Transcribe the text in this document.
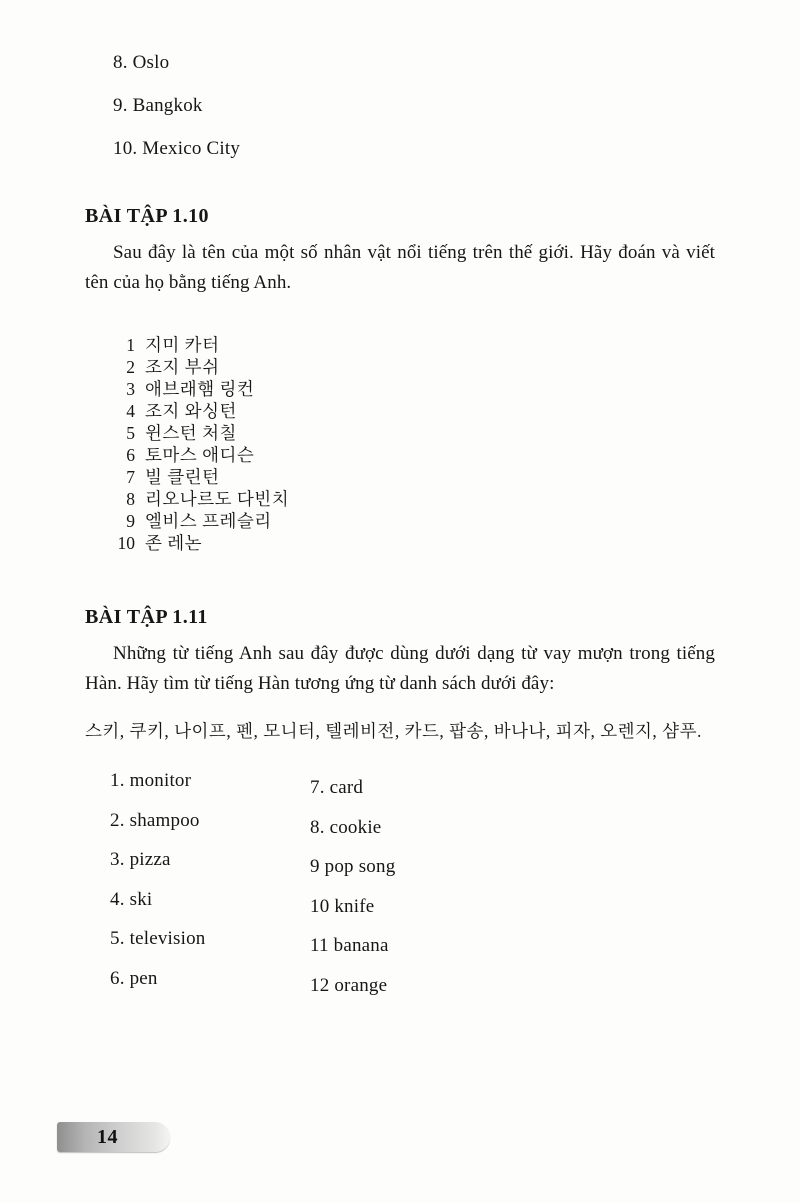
8. Oslo
9. Bangkok
10. Mexico City
BÀI TẬP 1.10

Sau đây là tên của một số nhân vật nổi tiếng trên thế giới. Hãy đoán và viết tên của họ bằng tiếng Anh.

1 지미 카터
2 조지 부쉬
3 애브래햄 링컨
4 조지 와싱턴
5 윈스턴 처칠
6 토마스 애디슨
7 빌 클린턴
8 리오나르도 다빈치
9 엘비스 프레슬리
10 존 레논
BÀI TẬP 1.11

Những từ tiếng Anh sau đây được dùng dưới dạng từ vay mượn trong tiếng Hàn. Hãy tìm từ tiếng Hàn tương ứng từ danh sách dưới đây:

스키, 쿠키, 나이프, 펜, 모니터, 텔레비전, 카드, 팝송, 바나나, 피자, 오렌지, 샴푸.

1. monitor
2. shampoo
3. pizza
4. ski
5. television
6. pen
7. card
8. cookie
9 pop song
10 knife
11 banana
12 orange
14
